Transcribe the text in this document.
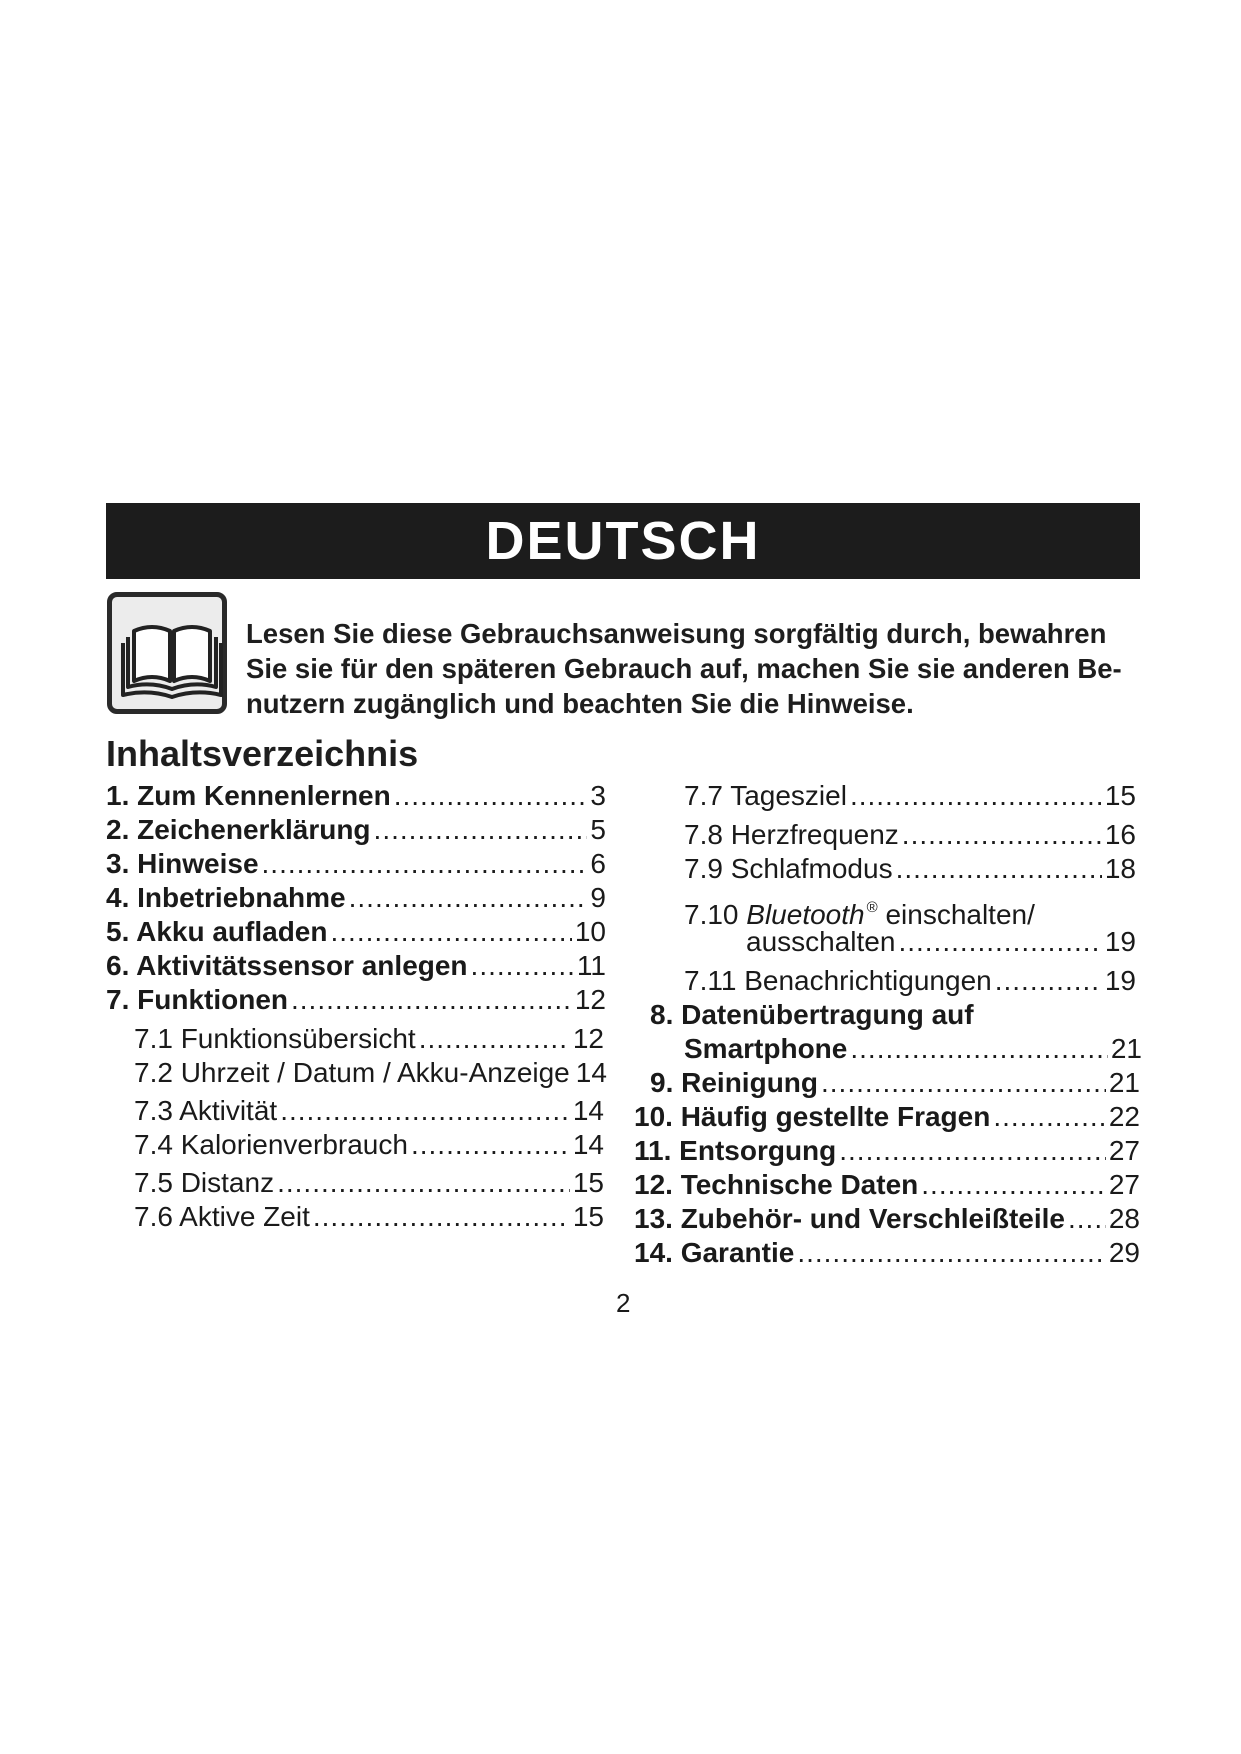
DEUTSCH
Lesen Sie diese Gebrauchsanweisung sorgfältig durch, bewahren
Sie sie für den späteren Gebrauch auf, machen Sie sie anderen Be-
nutzern zugänglich und beachten Sie die Hinweise.
Inhaltsverzeichnis
1. Zum Kennenlernen .....	3
2. Zeichenerklärung .....	5
3. Hinweise .....	6
4. Inbetriebnahme .....	9
5. Akku aufladen .....	10
6. Aktivitätssensor anlegen .....	11
7. Funktionen .....	12
7.1 Funktionsübersicht .....	12
7.2 Uhrzeit / Datum / Akku-Anzeige 14
7.3 Aktivität .....	14
7.4 Kalorienverbrauch .....	14
7.5 Distanz .....	15
7.6 Aktive Zeit .....	15
7.7 Tagesziel .....	15
7.8 Herzfrequenz .....	16
7.9 Schlafmodus .....	18
7.10 Bluetooth ® einschalten/
ausschalten .....	19
7.11 Benachrichtigungen .....	19
8. Datenübertragung auf
Smartphone .....	21
9. Reinigung .....	21
10. Häufig gestellte Fragen .....	22
11. Entsorgung .....	27
12. Technische Daten .....	27
13. Zubehör- und Verschleißteile ..... 28
14. Garantie .....	29
2
